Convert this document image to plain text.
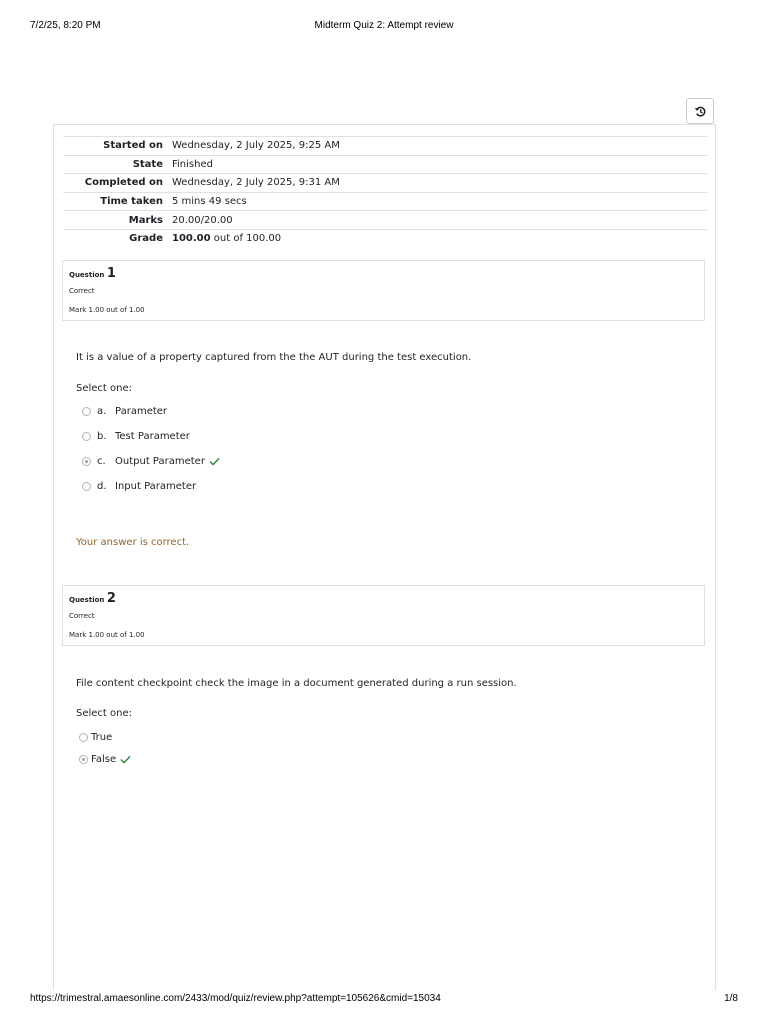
7/2/25, 8:20 PM	Midterm Quiz 2: Attempt review
Started on	Wednesday, 2 July 2025, 9:25 AM
State	Finished
Completed on	Wednesday, 2 July 2025, 9:31 AM
Time taken	5 mins 49 secs
Marks	20.00/20.00
Grade	100.00 out of 100.00
Question 1
Correct
Mark 1.00 out of 1.00
It is a value of a property captured from the the AUT during the test execution.
Select one:
a. Parameter
b. Test Parameter
c. Output Parameter
d. Input Parameter
Your answer is correct.
Question 2
Correct
Mark 1.00 out of 1.00
File content checkpoint check the image in a document generated during a run session.
Select one:
True
False
https://trimestral.amaesonline.com/2433/mod/quiz/review.php?attempt=105626&cmid=15034	1/8
